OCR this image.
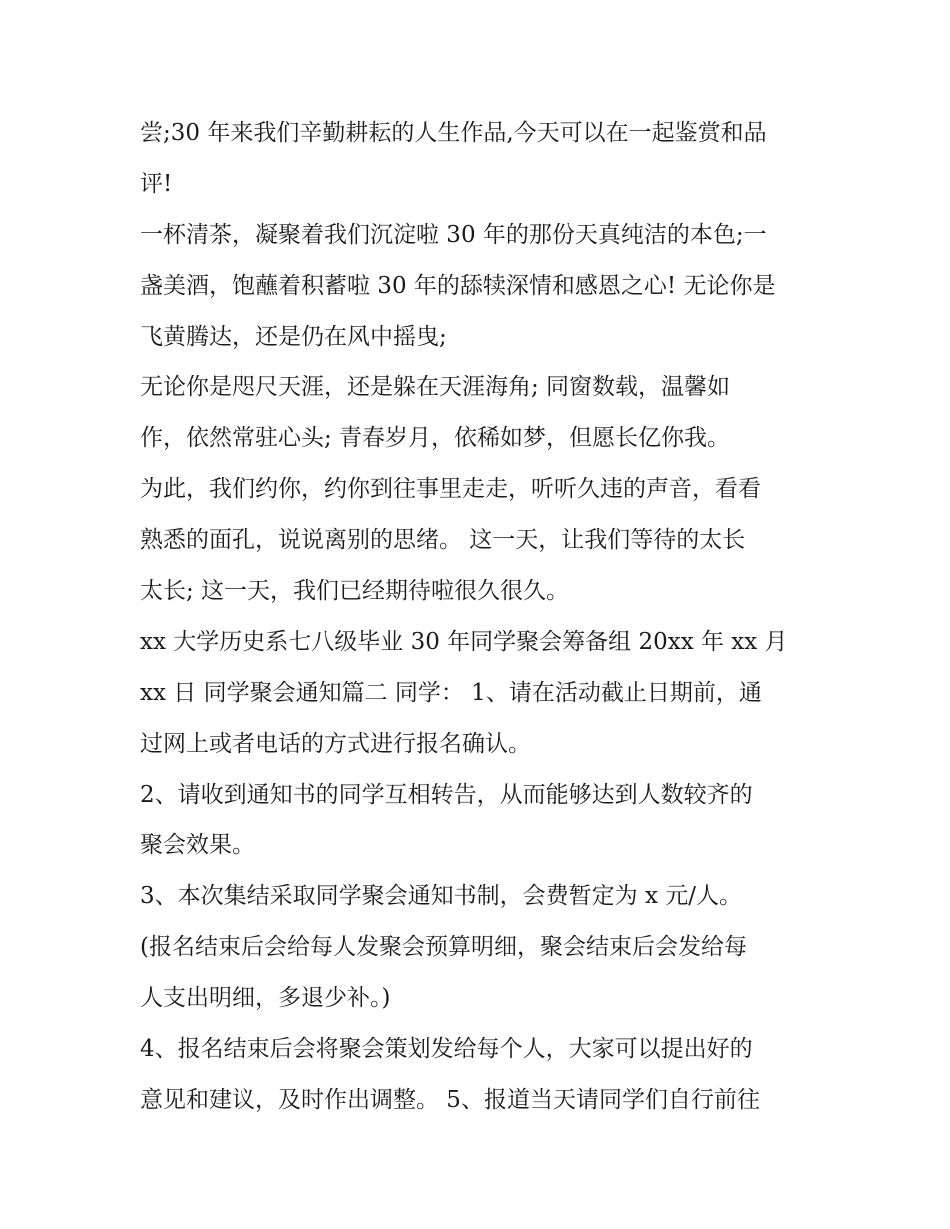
尝;30 年来我们辛勤耕耘的人生作品,今天可以在一起鉴赏和品
评!
一杯清茶，凝聚着我们沉淀啦 30 年的那份天真纯洁的本色;一
盏美酒，饱蘸着积蓄啦 30 年的舔犊深情和感恩之心! 无论你是
飞黄腾达，还是仍在风中摇曳;
无论你是咫尺天涯，还是躲在天涯海角; 同窗数载，温馨如
作，依然常驻心头; 青春岁月，依稀如梦，但愿长亿你我。
为此，我们约你，约你到往事里走走，听听久违的声音，看看
熟悉的面孔，说说离别的思绪。 这一天，让我们等待的太长
太长; 这一天，我们已经期待啦很久很久。
xx 大学历史系七八级毕业 30 年同学聚会筹备组 20xx 年 xx 月
xx 日 同学聚会通知篇二 同学： 1、请在活动截止日期前，通
过网上或者电话的方式进行报名确认。
2、请收到通知书的同学互相转告，从而能够达到人数较齐的
聚会效果。
3、本次集结采取同学聚会通知书制，会费暂定为 x 元/人。
(报名结束后会给每人发聚会预算明细，聚会结束后会发给每
人支出明细，多退少补。)
4、报名结束后会将聚会策划发给每个人，大家可以提出好的
意见和建议，及时作出调整。 5、报道当天请同学们自行前往
